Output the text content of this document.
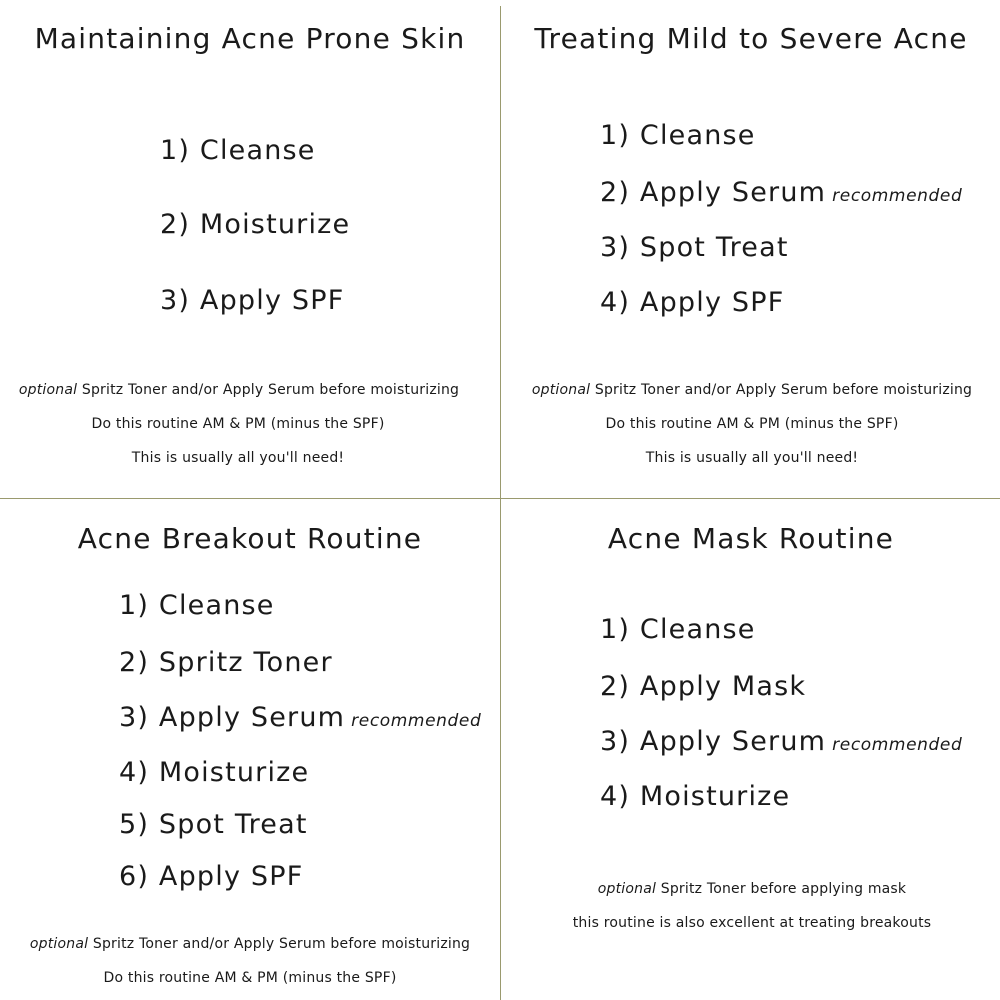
Maintaining Acne Prone Skin
1) Cleanse
2) Moisturize
3) Apply SPF
optional Spritz Toner and/or Apply Serum before moisturizing
Do this routine AM & PM (minus the SPF)
This is usually all you'll need!
Treating Mild to Severe Acne
1) Cleanse
2) Apply Serum recommended
3) Spot Treat
4) Apply SPF
optional Spritz Toner and/or Apply Serum before moisturizing
Do this routine AM & PM (minus the SPF)
This is usually all you'll need!
Acne Breakout Routine
1) Cleanse
2) Spritz Toner
3) Apply Serum recommended
4) Moisturize
5) Spot Treat
6) Apply SPF
optional Spritz Toner and/or Apply Serum before moisturizing
Do this routine AM & PM (minus the SPF)
Acne Mask Routine
1) Cleanse
2) Apply Mask
3) Apply Serum recommended
4) Moisturize
optional Spritz Toner before applying mask
this routine is also excellent at treating breakouts
